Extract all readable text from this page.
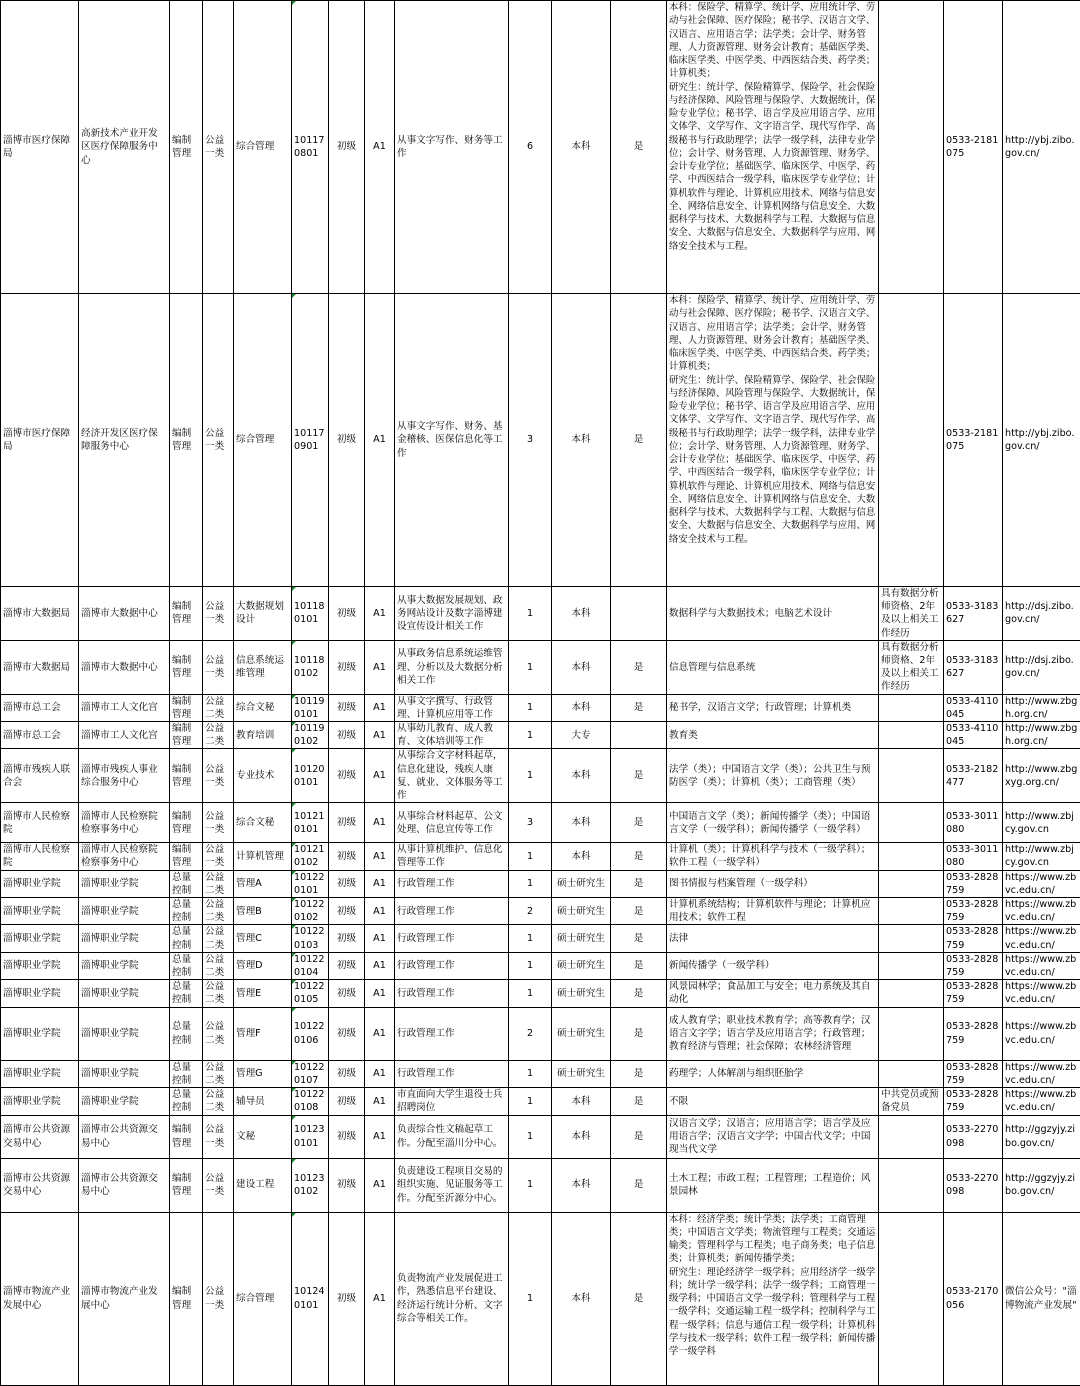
淄博市医疗保障局	高新技术产业开发区医疗保障服务中心	编制管理	公益一类	综合管理	10117 0801	初级	A1	从事文字写作、财务等工作	6	本科	是	本科：保险学、精算学、统计学、应用统计学、劳动与社会保障、医疗保险；秘书学、汉语言文学、汉语言、应用语言学；法学类；会计学、财务管理、人力资源管理、财务会计教育；基础医学类、临床医学类、中医学类、中西医结合类、药学类；计算机类；
研究生：统计学、保险精算学、保险学、社会保险与经济保障、风险管理与保险学、大数据统计，保险专业学位；秘书学、语言学及应用语言学、应用文体学、文学写作、文字语言学、现代写作学、高级秘书与行政助理学；法学一级学科，法律专业学位；会计学、财务管理、人力资源管理、财务学、会计专业学位；基础医学、临床医学、中医学、药学、中西医结合一级学科，临床医学专业学位；计算机软件与理论、计算机应用技术、网络与信息安全、网络信息安全、计算机网络与信息安全、大数据科学与技术、大数据科学与工程、大数据与信息安全、大数据与信息安全、大数据科学与应用、网络安全技术与工程。		0533-2181075	http://ybj.zibo.gov.cn/
淄博市医疗保障局	经济开发区医疗保障服务中心	编制管理	公益一类	综合管理	10117 0901	初级	A1	从事文字写作、财务、基金稽核、医保信息化等工作	3	本科	是	本科：保险学、精算学、统计学、应用统计学、劳动与社会保障、医疗保险；秘书学、汉语言文学、汉语言、应用语言学；法学类；会计学、财务管理、人力资源管理、财务会计教育；基础医学类、临床医学类、中医学类、中西医结合类、药学类；计算机类；
研究生：统计学、保险精算学、保险学、社会保险与经济保障、风险管理与保险学、大数据统计，保险专业学位；秘书学、语言学及应用语言学、应用文体学、文学写作、文字语言学、现代写作学、高级秘书与行政助理学；法学一级学科，法律专业学位；会计学、财务管理、人力资源管理、财务学、会计专业学位；基础医学、临床医学、中医学、药学、中西医结合一级学科，临床医学专业学位；计算机软件与理论、计算机应用技术、网络与信息安全、网络信息安全、计算机网络与信息安全、大数据科学与技术、大数据科学与工程、大数据与信息安全、大数据与信息安全、大数据科学与应用、网络安全技术与工程。		0533-2181075	http://ybj.zibo.gov.cn/
淄博市大数据局	淄博市大数据中心	编制管理	公益一类	大数据规划设计	10118 0101	初级	A1	从事大数据发展规划、政务网站设计及数字淄博建设宣传设计相关工作	1	本科		数据科学与大数据技术；电脑艺术设计	具有数据分析师资格、2年及以上相关工作经历	0533-3183627	http://dsj.zibo.gov.cn/
淄博市大数据局	淄博市大数据中心	编制管理	公益一类	信息系统运维管理	10118 0102	初级	A1	从事政务信息系统运维管理、分析以及大数据分析相关工作	1	本科	是	信息管理与信息系统	具有数据分析师资格、2年及以上相关工作经历	0533-3183627	http://dsj.zibo.gov.cn/
淄博市总工会	淄博市工人文化宫	编制管理	公益二类	综合文秘	10119 0101	初级	A1	从事文字撰写、行政管理、计算机应用等工作	1	本科	是	秘书学，汉语言文学；行政管理；计算机类		0533-4110045	http://www.zbgh.org.cn/
淄博市总工会	淄博市工人文化宫	编制管理	公益二类	教育培训	10119 0102	初级	A1	从事幼儿教育、成人教育、文体培训等工作	1	大专		教育类		0533-4110045	http://www.zbgh.org.cn/
淄博市残疾人联合会	淄博市残疾人事业综合服务中心	编制管理	公益一类	专业技术	10120 0101	初级	A1	从事综合文字材料起草，信息化建设，残疾人康复、就业、文体服务等工作	1	本科	是	法学（类）；中国语言文学（类）；公共卫生与预防医学（类）；计算机（类）；工商管理（类）		0533-2182477	http://www.zbgxyg.org.cn/
淄博市人民检察院	淄博市人民检察院检察事务中心	编制管理	公益一类	综合文秘	10121 0101	初级	A1	从事综合材料起草、公文处理、信息宣传等工作	3	本科	是	中国语言文学（类）；新闻传播学（类）；中国语言文学（一级学科）；新闻传播学（一级学科）		0533-3011080	http://www.zbjcy.gov.cn
淄博市人民检察院	淄博市人民检察院检察事务中心	编制管理	公益一类	计算机管理	10121 0102	初级	A1	从事计算机维护、信息化管理等工作	1	本科	是	计算机（类）；计算机科学与技术（一级学科）；软件工程（一级学科）		0533-3011080	http://www.zbjcy.gov.cn
淄博职业学院	淄博职业学院	总量控制	公益二类	管理A	10122 0101	初级	A1	行政管理工作	1	硕士研究生	是	图书情报与档案管理（一级学科）		0533-2828759	https://www.zbvc.edu.cn/
淄博职业学院	淄博职业学院	总量控制	公益二类	管理B	10122 0102	初级	A1	行政管理工作	2	硕士研究生	是	计算机系统结构；计算机软件与理论；计算机应用技术；软件工程		0533-2828759	https://www.zbvc.edu.cn/
淄博职业学院	淄博职业学院	总量控制	公益二类	管理C	10122 0103	初级	A1	行政管理工作	1	硕士研究生	是	法律		0533-2828759	https://www.zbvc.edu.cn/
淄博职业学院	淄博职业学院	总量控制	公益二类	管理D	10122 0104	初级	A1	行政管理工作	1	硕士研究生	是	新闻传播学（一级学科）		0533-2828759	https://www.zbvc.edu.cn/
淄博职业学院	淄博职业学院	总量控制	公益二类	管理E	10122 0105	初级	A1	行政管理工作	1	硕士研究生	是	风景园林学；食品加工与安全；电力系统及其自动化		0533-2828759	https://www.zbvc.edu.cn/
淄博职业学院	淄博职业学院	总量控制	公益二类	管理F	10122 0106	初级	A1	行政管理工作	2	硕士研究生	是	成人教育学；职业技术教育学；高等教育学；汉语言文字学；语言学及应用语言学；行政管理；教育经济与管理；社会保障；农林经济管理		0533-2828759	https://www.zbvc.edu.cn/
淄博职业学院	淄博职业学院	总量控制	公益二类	管理G	10122 0107	初级	A1	行政管理工作	1	硕士研究生	是	药理学；人体解剖与组织胚胎学		0533-2828759	https://www.zbvc.edu.cn/
淄博职业学院	淄博职业学院	总量控制	公益二类	辅导员	10122 0108	初级	A1	市直面向大学生退役士兵招聘岗位	1	本科	是	不限	中共党员或预备党员	0533-2828759	https://www.zbvc.edu.cn/
淄博市公共资源交易中心	淄博市公共资源交易中心	编制管理	公益一类	文秘	10123 0101	初级	A1	负责综合性文稿起草工作。分配至淄川分中心。	1	本科	是	汉语言文学；汉语言；应用语言学；语言学及应用语言学；汉语言文字学；中国古代文学；中国现当代文学		0533-2270098	http://ggzyjy.zibo.gov.cn/
淄博市公共资源交易中心	淄博市公共资源交易中心	编制管理	公益一类	建设工程	10123 0102	初级	A1	负责建设工程项目交易的组织实施、见证服务等工作。分配至沂源分中心。	1	本科	是	土木工程；市政工程；工程管理；工程造价；风景园林		0533-2270098	http://ggzyjy.zibo.gov.cn/
淄博市物流产业发展中心	淄博市物流产业发展中心	编制管理	公益一类	综合管理	10124 0101	初级	A1	负责物流产业发展促进工作，熟悉信息平台建设、经济运行统计分析、文字综合等相关工作。	1	本科	是	本科：经济学类；统计学类；法学类；工商管理类；中国语言文学类；物流管理与工程类；交通运输类；管理科学与工程类；电子商务类；电子信息类；计算机类；新闻传播学类；
研究生：理论经济学一级学科；应用经济学一级学科；统计学一级学科；法学一级学科；工商管理一级学科；中国语言文学一级学科；管理科学与工程一级学科；交通运输工程一级学科；控制科学与工程一级学科；信息与通信工程一级学科；计算机科学与技术一级学科；软件工程一级学科；新闻传播学一级学科		0533-2170056	微信公众号："淄博物流产业发展"
